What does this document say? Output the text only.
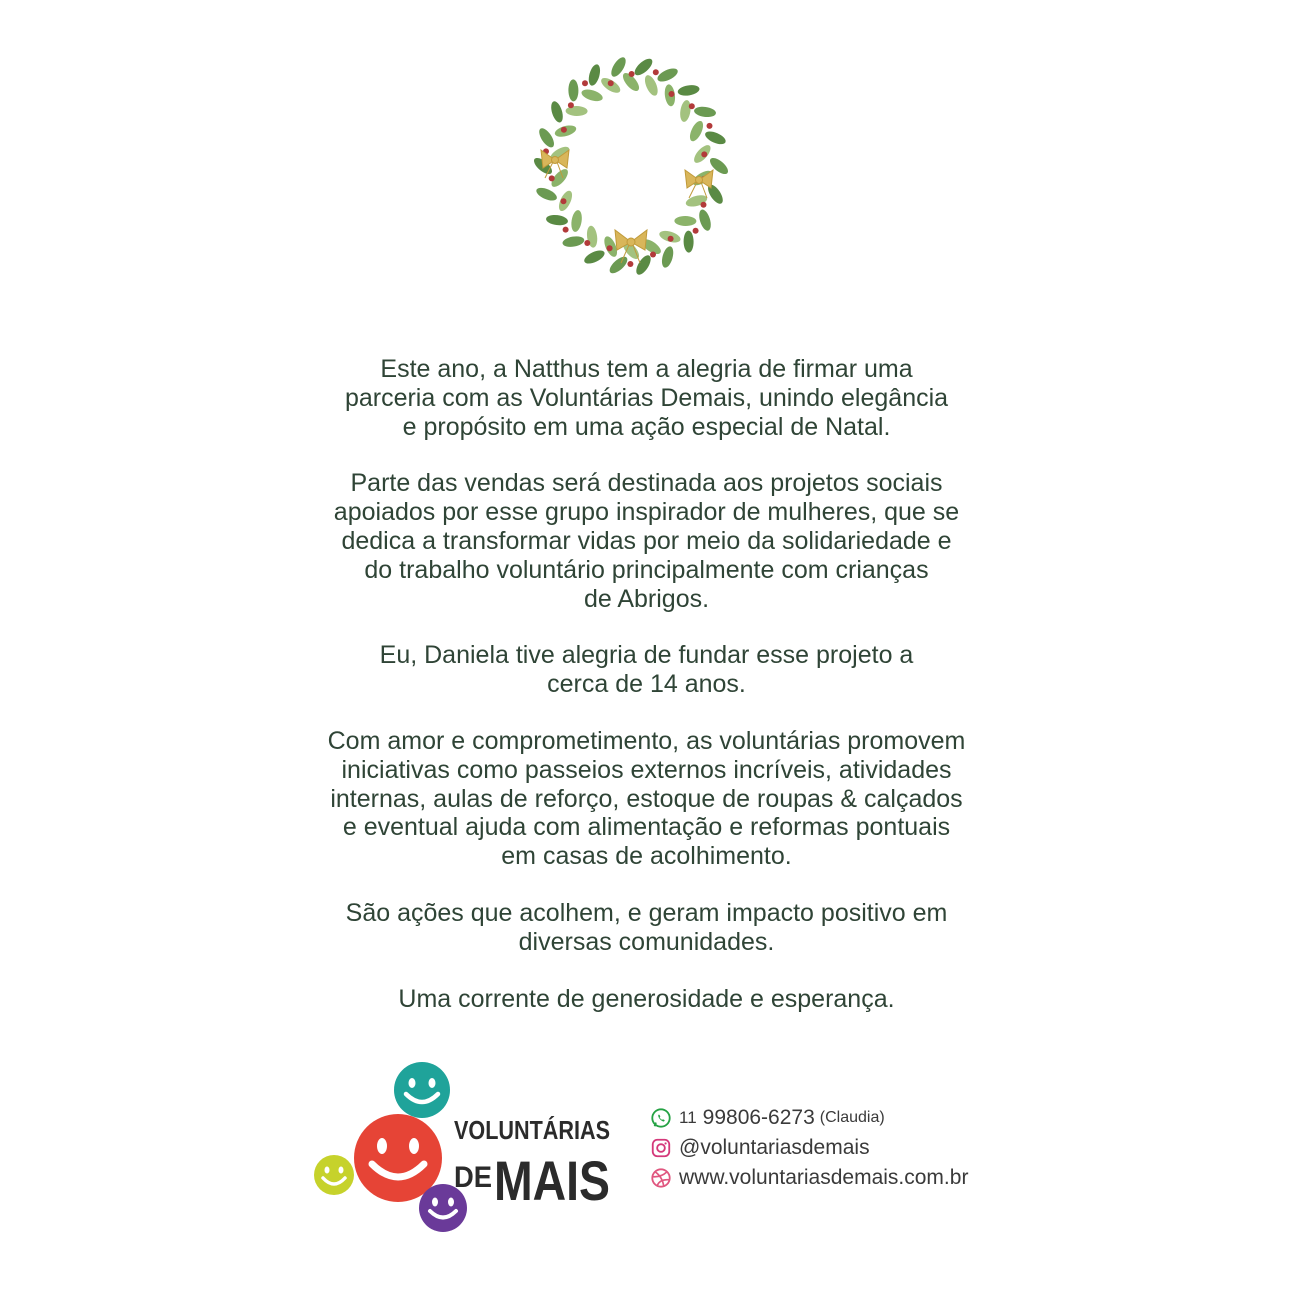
Este ano, a Natthus tem a alegria de firmar uma
parceria com as Voluntárias Demais, unindo elegância
e propósito em uma ação especial de Natal.

Parte das vendas será destinada aos projetos sociais
apoiados por esse grupo inspirador de mulheres, que se
dedica a transformar vidas por meio da solidariedade e
do trabalho voluntário principalmente com crianças
de Abrigos.

Eu, Daniela tive alegria de fundar esse projeto a
cerca de 14 anos.

Com amor e comprometimento, as voluntárias promovem
iniciativas como passeios externos incríveis, atividades
internas, aulas de reforço, estoque de roupas & calçados
e eventual ajuda com alimentação e reformas pontuais
em casas de acolhimento.

São ações que acolhem, e geram impacto positivo em
diversas comunidades.

Uma corrente de generosidade e esperança.

VOLUNTÁRIAS
DE MAIS
11 99806-6273 (Claudia)
@voluntariasdemais
www.voluntariasdemais.com.br
